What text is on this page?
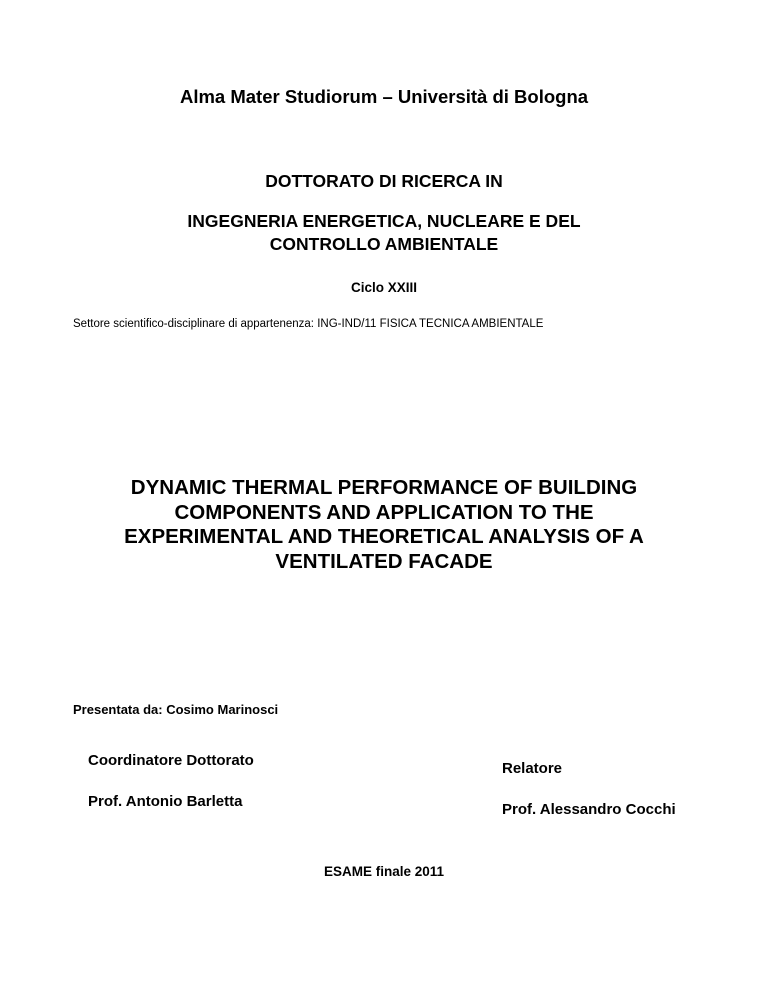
Alma Mater Studiorum – Università di Bologna
DOTTORATO DI RICERCA IN
INGEGNERIA ENERGETICA, NUCLEARE E DEL
CONTROLLO AMBIENTALE
Ciclo XXIII
Settore scientifico-disciplinare di appartenenza: ING-IND/11 FISICA TECNICA AMBIENTALE
DYNAMIC THERMAL PERFORMANCE OF BUILDING
COMPONENTS AND APPLICATION TO THE
EXPERIMENTAL AND THEORETICAL ANALYSIS OF A
VENTILATED FACADE
Presentata da: Cosimo Marinosci
Coordinatore Dottorato
Prof. Antonio Barletta
Relatore
Prof. Alessandro Cocchi
ESAME finale 2011
